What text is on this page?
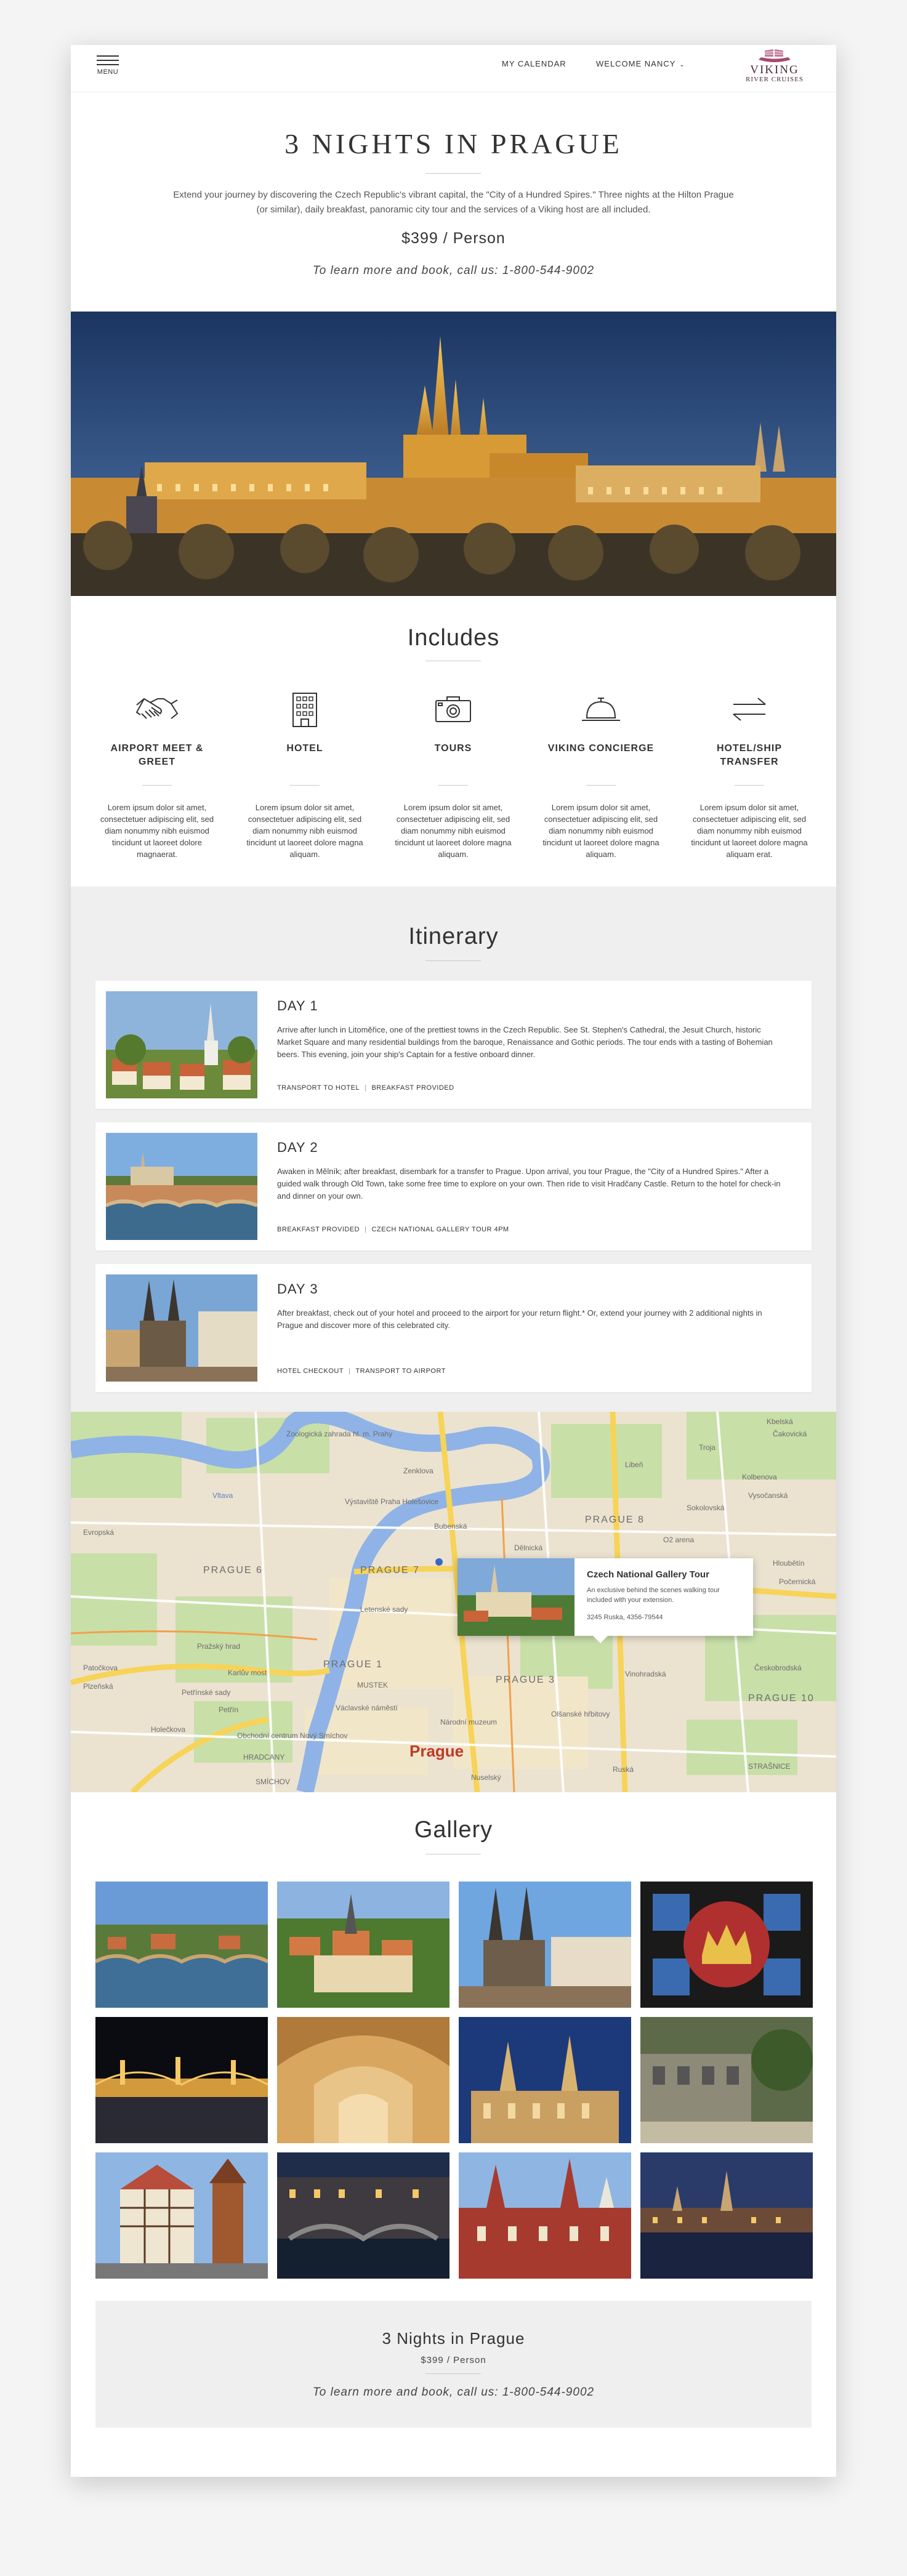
MENU
MY CALENDAR	WELCOME NANCY ⌄	VIKING
RIVER CRUISES
3 NIGHTS IN PRAGUE

Extend your journey by discovering the Czech Republic's vibrant capital, the "City of a Hundred Spires." Three nights at the Hilton Prague (or similar), daily breakfast, panoramic city tour and the services of a Viking host are all included.

$399 / Person
To learn more and book, call us: 1-800-544-9002
Includes
AIRPORT MEET & GREET
Lorem ipsum dolor sit amet, consectetuer adipiscing elit, sed diam nonummy nibh euismod tincidunt ut laoreet dolore magnaerat.
HOTEL
Lorem ipsum dolor sit amet, consectetuer adipiscing elit, sed diam nonummy nibh euismod tincidunt ut laoreet dolore magna aliquam.
TOURS
Lorem ipsum dolor sit amet, consectetuer adipiscing elit, sed diam nonummy nibh euismod tincidunt ut laoreet dolore magna aliquam.
VIKING CONCIERGE
Lorem ipsum dolor sit amet, consectetuer adipiscing elit, sed diam nonummy nibh euismod tincidunt ut laoreet dolore magna aliquam.
HOTEL/SHIP TRANSFER
Lorem ipsum dolor sit amet, consectetuer adipiscing elit, sed diam nonummy nibh euismod tincidunt ut laoreet dolore magna aliquam erat.
Itinerary
DAY 1
Arrive after lunch in Litoměřice, one of the prettiest towns in the Czech Republic. See St. Stephen's Cathedral, the Jesuit Church, historic Market Square and many residential buildings from the baroque, Renaissance and Gothic periods. The tour ends with a tasting of Bohemian beers. This evening, join your ship's Captain for a festive onboard dinner.
TRANSPORT TO HOTEL | BREAKFAST PROVIDED
DAY 2
Awaken in Mělník; after breakfast, disembark for a transfer to Prague. Upon arrival, you tour Prague, the "City of a Hundred Spires." After a guided walk through Old Town, take some free time to explore on your own. Then ride to visit Hradčany Castle. Return to the hotel for check-in and dinner on your own.
BREAKFAST PROVIDED | CZECH NATIONAL GALLERY TOUR 4PM
DAY 3
After breakfast, check out of your hotel and proceed to the airport for your return flight.* Or, extend your journey with 2 additional nights in Prague and discover more of this celebrated city.
HOTEL CHECKOUT | TRANSPORT TO AIRPORT
Zoologická zahrada hl. m. Prahy
Troja
PRAGUE 8
Výstaviště Praha Holešovice
Dělnická
PRAGUE 6	PRAGUE 7
O2 arena
Letenské sady
Pražský hrad
Karlův most
PRAGUE 1
PRAGUE 3
Petřínské sady
Petřín
MUSTEK
Václavské náměstí
Olšanské hřbitovy
Národní muzeum
Obchodní centrum Nový Smíchov
Prague
PRAGUE 10
Libeň
Čakovická
Sokolovská
Kolbenova
Vysočanská
Hloubětín
Kbelská
Počernická
Českobrodská
Vinohradská
Ruská	STRAŠNICE
Plzeňská
Patočkova
Holečkova
SMÍCHOV	Nuselský
Zenklova
Bubenská
Vltava
Evropská
HRADCANY
Czech National Gallery Tour
An exclusive behind the scenes walking tour included with your extension.
3245 Ruska, 4356-79544
Gallery
3 Nights in Prague
$399 / Person
To learn more and book, call us: 1-800-544-9002
